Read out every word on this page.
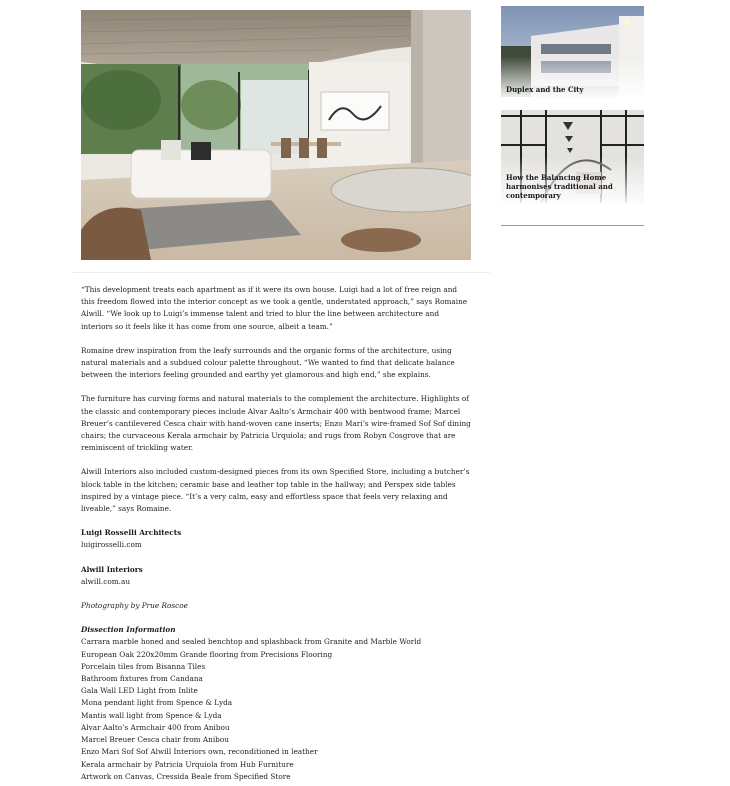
“This development treats each apartment as if it were its own house. Luigi had a lot of free reign and this freedom flowed into the interior concept as we took a gentle, understated approach,” says Romaine Alwill. “We look up to Luigi’s immense talent and tried to blur the line between architecture and interiors so it feels like it has come from one source, albeit a team.”

Romaine drew inspiration from the leafy surrounds and the organic forms of the architecture, using natural materials and a subdued colour palette throughout. “We wanted to find that delicate balance between the interiors feeling grounded and earthy yet glamorous and high end,” she explains.

The furniture has curving forms and natural materials to the complement the architecture. Highlights of the classic and contemporary pieces include Alvar Aalto’s Armchair 400 with bentwood frame; Marcel Breuer’s cantilevered Cesca chair with hand-woven cane inserts; Enzo Mari’s wire-framed Sof Sof dining chairs; the curvaceous Kerala armchair by Patricia Urquiola; and rugs from Robyn Cosgrove that are reminiscent of trickling water.

Alwill Interiors also included custom-designed pieces from its own Specified Store, including a butcher’s block table in the kitchen; ceramic base and leather top table in the hallway; and Perspex side tables inspired by a vintage piece. “It’s a very calm, easy and effortless space that feels very relaxing and liveable,” says Romaine.

Luigi Rosselli Architects
luigirosselli.com
Alwill Interiors
alwill.com.au
Photography by Prue Roscoe
Dissection Information
Carrara marble honed and sealed benchtop and splashback from Granite and Marble World
European Oak 220x20mm Grande flooring from Precisions Flooring
Porcelain tiles from Bisanna Tiles
Bathroom fixtures from Candana
Gala Wall LED Light from Inlite
Mona pendant light from Spence & Lyda
Mantis wall light from Spence & Lyda
Alvar Aalto’s Armchair 400 from Anibou
Marcel Breuer Cesca chair from Anibou
Enzo Mari Sof Sof Alwill Interiors own, reconditioned in leather
Kerala armchair by Patricia Urquiola from Hub Furniture
Artwork on Canvas, Cressida Beale from Specified Store
Duplex and the City
How the Balancing Home harmonises traditional and contemporary
